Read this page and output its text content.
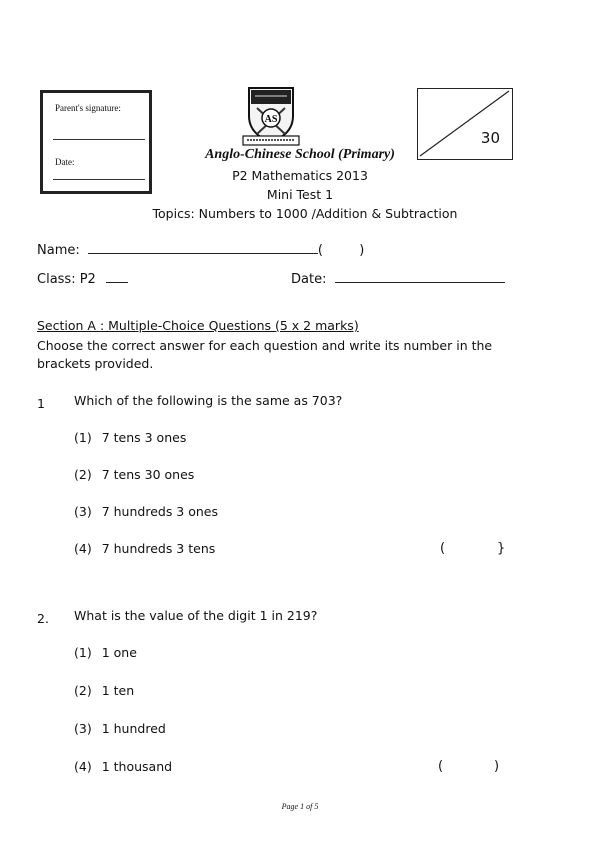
Parent's signature:
Date:
AS
30
Anglo-Chinese School (Primary)
P2 Mathematics 2013
Mini Test 1
Topics: Numbers to 1000 /Addition & Subtraction
Name:	(	)
Class: P2	Date:
Section A : Multiple-Choice Questions (5 x 2 marks)
Choose the correct answer for each question and write its number in the brackets provided.
1 Which of the following is the same as 703?
(1) 7 tens 3 ones
(2) 7 tens 30 ones
(3) 7 hundreds 3 ones
(4) 7 hundreds 3 tens	(	}
2. What is the value of the digit 1 in 219?
(1) 1 one
(2) 1 ten
(3) 1 hundred
(4) 1 thousand	(	)
Page 1 of 5
